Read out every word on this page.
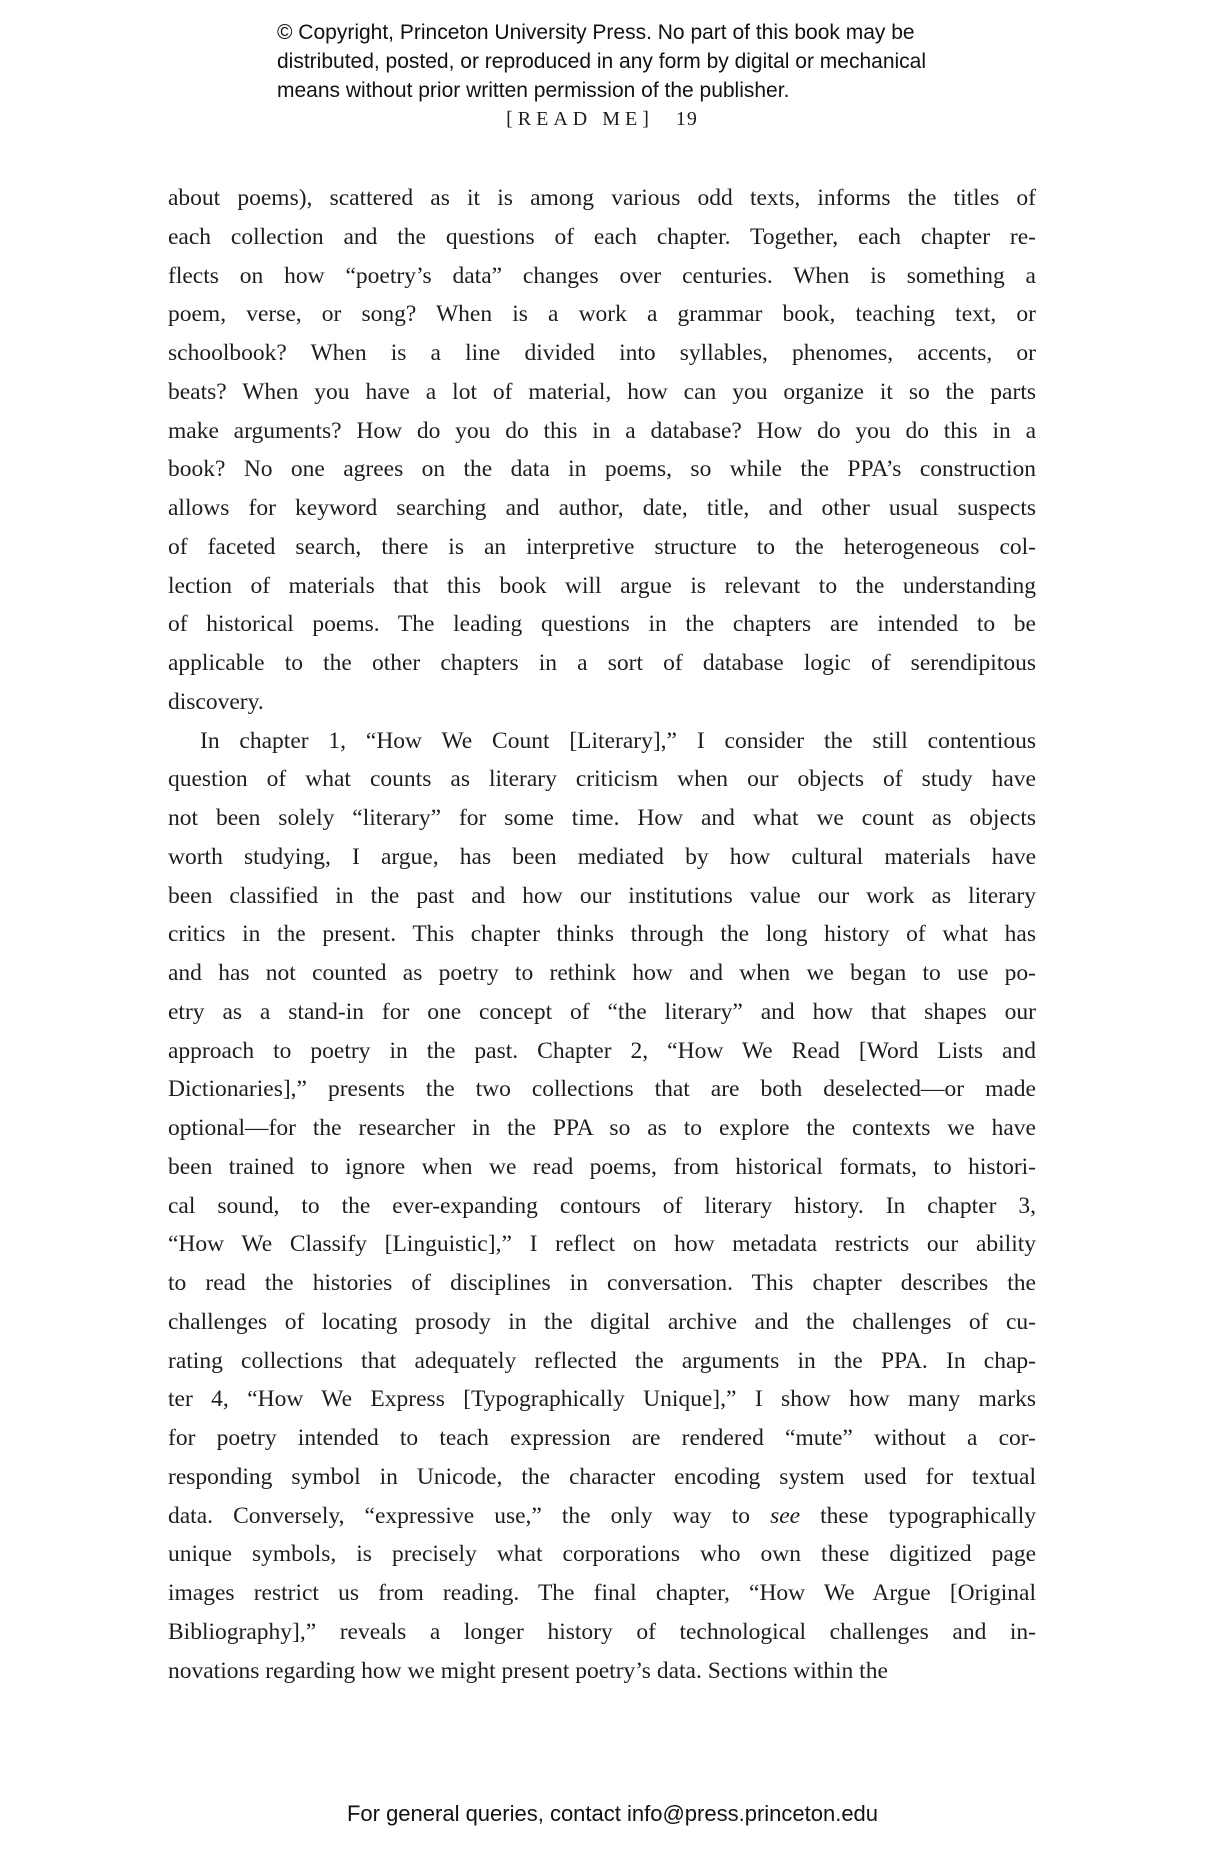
© Copyright, Princeton University Press. No part of this book may be
distributed, posted, or reproduced in any form by digital or mechanical
means without prior written permission of the publisher.
[READ ME] 19
about poems), scattered as it is among various odd texts, informs the titles of
each collection and the questions of each chapter. Together, each chapter re-
flects on how “poetry’s data” changes over centuries. When is something a
poem, verse, or song? When is a work a grammar book, teaching text, or
schoolbook? When is a line divided into syllables, phenomes, accents, or
beats? When you have a lot of material, how can you organize it so the parts
make arguments? How do you do this in a database? How do you do this in a
book? No one agrees on the data in poems, so while the PPA’s construction
allows for keyword searching and author, date, title, and other usual suspects
of faceted search, there is an interpretive structure to the heterogeneous col-
lection of materials that this book will argue is relevant to the understanding
of historical poems. The leading questions in the chapters are intended to be
applicable to the other chapters in a sort of database logic of serendipitous
discovery.
In chapter 1, “How We Count [Literary],” I consider the still contentious
question of what counts as literary criticism when our objects of study have
not been solely “literary” for some time. How and what we count as objects
worth studying, I argue, has been mediated by how cultural materials have
been classified in the past and how our institutions value our work as literary
critics in the present. This chapter thinks through the long history of what has
and has not counted as poetry to rethink how and when we began to use po-
etry as a stand-in for one concept of “the literary” and how that shapes our
approach to poetry in the past. Chapter 2, “How We Read [Word Lists and
Dictionaries],” presents the two collections that are both deselected—or made
optional—for the researcher in the PPA so as to explore the contexts we have
been trained to ignore when we read poems, from historical formats, to histori-
cal sound, to the ever-expanding contours of literary history. In chapter 3,
“How We Classify [Linguistic],” I reflect on how metadata restricts our ability
to read the histories of disciplines in conversation. This chapter describes the
challenges of locating prosody in the digital archive and the challenges of cu-
rating collections that adequately reflected the arguments in the PPA. In chap-
ter 4, “How We Express [Typographically Unique],” I show how many marks
for poetry intended to teach expression are rendered “mute” without a cor-
responding symbol in Unicode, the character encoding system used for textual
data. Conversely, “expressive use,” the only way to see these typographically
unique symbols, is precisely what corporations who own these digitized page
images restrict us from reading. The final chapter, “How We Argue [Original
Bibliography],” reveals a longer history of technological challenges and in-
novations regarding how we might present poetry’s data. Sections within the
For general queries, contact info@press.princeton.edu
